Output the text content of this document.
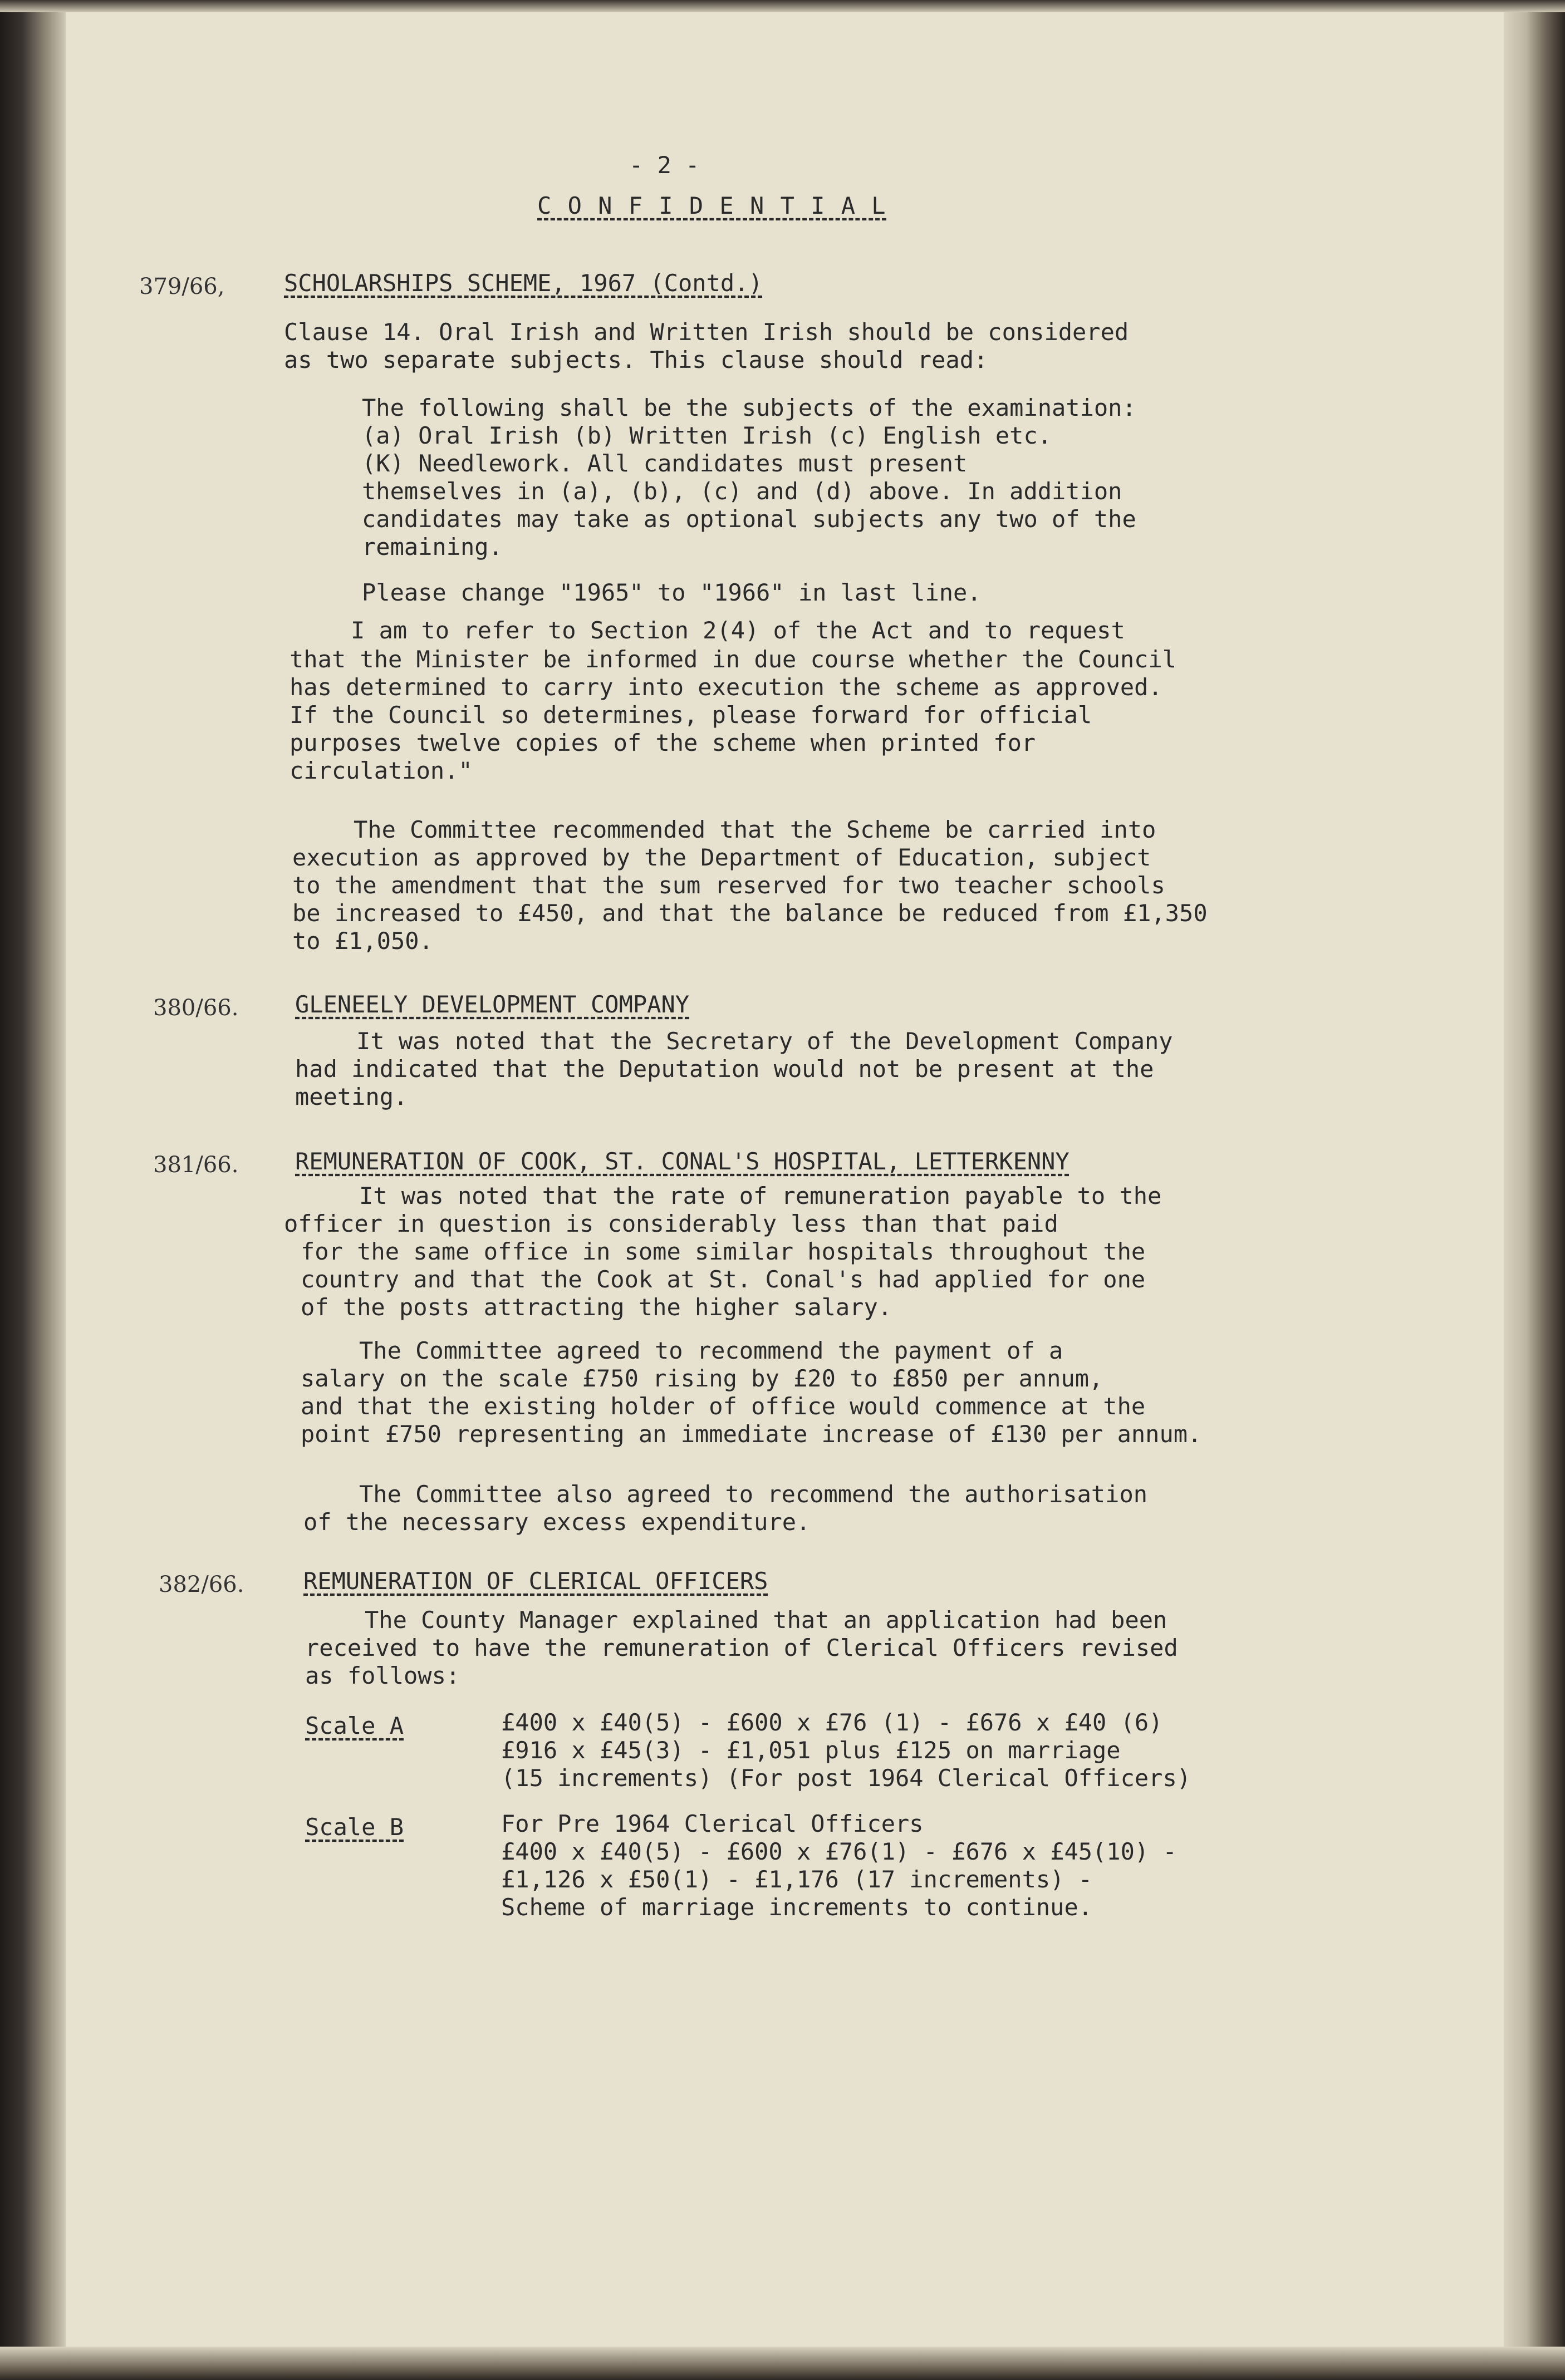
- 2 -

C O N F I D E N T I A L

379/66,	SCHOLARSHIPS SCHEME, 1967 (Contd.)

Clause 14. Oral Irish and Written Irish should be considered

as two separate subjects. This clause should read:

The following shall be the subjects of the examination:

(a) Oral Irish (b) Written Irish (c) English etc.

(K) Needlework. All candidates must present

themselves in (a), (b), (c) and (d) above. In addition

candidates may take as optional subjects any two of the

remaining.

Please change "1965" to "1966" in last line.

I am to refer to Section 2(4) of the Act and to request

that the Minister be informed in due course whether the Council

has determined to carry into execution the scheme as approved.

If the Council so determines, please forward for official

purposes twelve copies of the scheme when printed for

circulation."

The Committee recommended that the Scheme be carried into

execution as approved by the Department of Education, subject

to the amendment that the sum reserved for two teacher schools

be increased to £450, and that the balance be reduced from £1,350

to £1,050.

380/66. GLENEELY DEVELOPMENT COMPANY

It was noted that the Secretary of the Development Company

had indicated that the Deputation would not be present at the

meeting.

381/66. REMUNERATION OF COOK, ST. CONAL'S HOSPITAL, LETTERKENNY

It was noted that the rate of remuneration payable to the

officer in question is considerably less than that paid

for the same office in some similar hospitals throughout the

country and that the Cook at St. Conal's had applied for one

of the posts attracting the higher salary.

The Committee agreed to recommend the payment of a

salary on the scale £750 rising by £20 to £850 per annum,

and that the existing holder of office would commence at the

point £750 representing an immediate increase of £130 per annum.

The Committee also agreed to recommend the authorisation

of the necessary excess expenditure.

382/66.	REMUNERATION OF CLERICAL OFFICERS

The County Manager explained that an application had been

received to have the remuneration of Clerical Officers revised

as follows:

Scale A	£400 x £40(5) - £600 x £76 (1) - £676 x £40 (6)

£916 x £45(3) - £1,051 plus £125 on marriage

(15 increments) (For post 1964 Clerical Officers)

Scale B	For Pre 1964 Clerical Officers

£400 x £40(5) - £600 x £76(1) - £676 x £45(10) -

£1,126 x £50(1) - £1,176 (17 increments) -

Scheme of marriage increments to continue.
